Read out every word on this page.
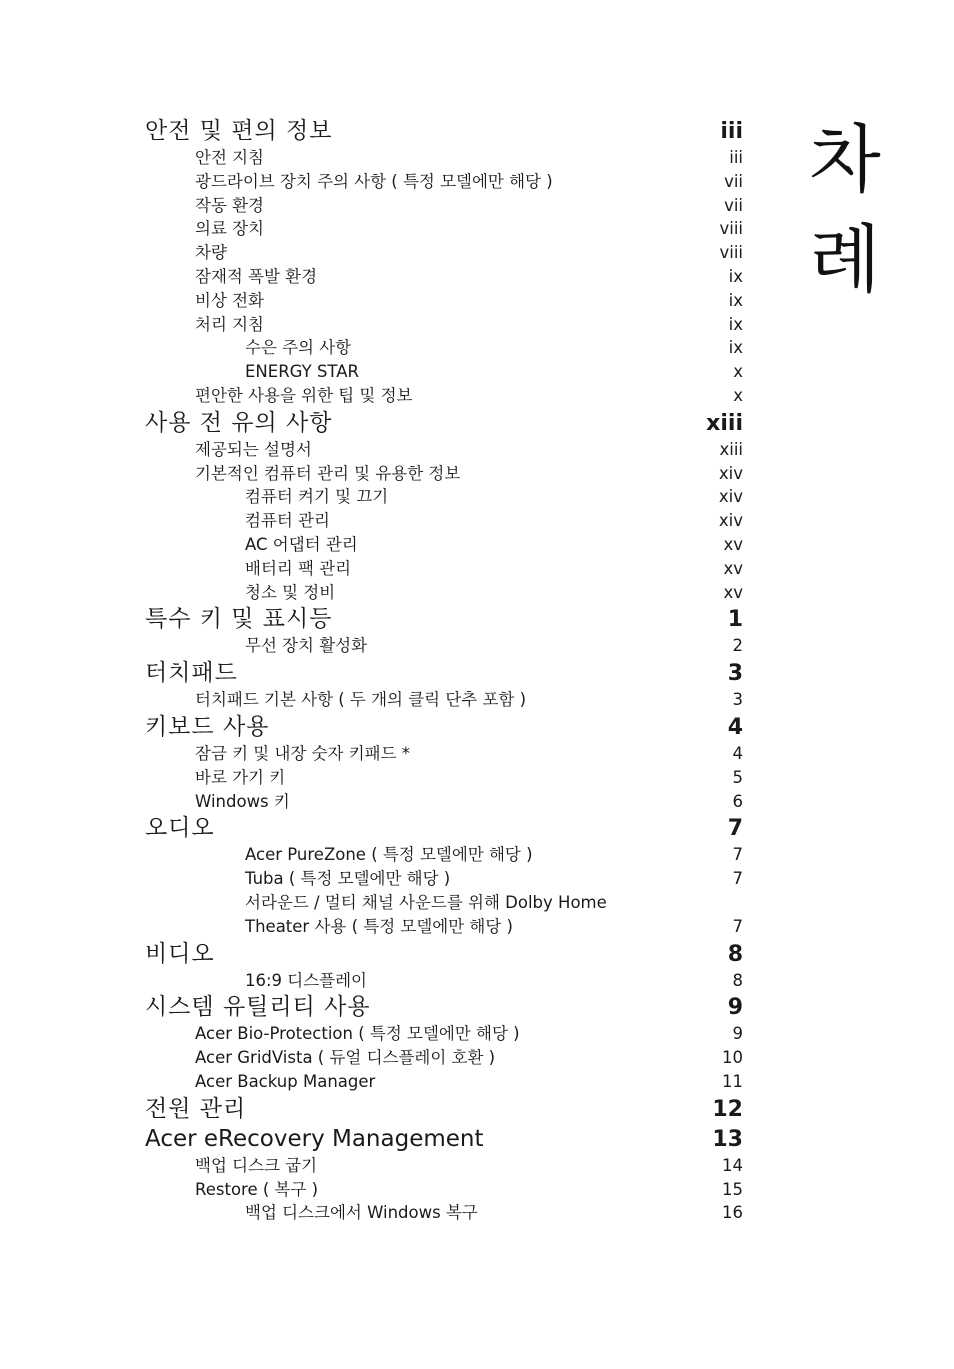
차
례
안전 및 편의 정보	iii
안전 지침	iii
광드라이브 장치 주의 사항 ( 특정 모델에만 해당 )	vii
작동 환경	vii
의료 장치	viii
차량	viii
잠재적 폭발 환경	ix
비상 전화	ix
처리 지침	ix
수은 주의 사항	ix
ENERGY STAR	x
편안한 사용을 위한 팁 및 정보	x
사용 전 유의 사항	xiii
제공되는 설명서	xiii
기본적인 컴퓨터 관리 및 유용한 정보	xiv
컴퓨터 켜기 및 끄기	xiv
컴퓨터 관리	xiv
AC 어댑터 관리	xv
배터리 팩 관리	xv
청소 및 정비	xv
특수 키 및 표시등	1
무선 장치 활성화	2
터치패드	3
터치패드 기본 사항 ( 두 개의 클릭 단추 포함 )	3
키보드 사용	4
잠금 키 및 내장 숫자 키패드 *	4
바로 가기 키	5
Windows 키	6
오디오	7
Acer PureZone ( 특정 모델에만 해당 )	7
Tuba ( 특정 모델에만 해당 )	7
서라운드 / 멀티 채널 사운드를 위해 Dolby Home Theater 사용 ( 특정 모델에만 해당 )	7
비디오	8
16:9 디스플레이	8
시스템 유틸리티 사용	9
Acer Bio-Protection ( 특정 모델에만 해당 )	9
Acer GridVista ( 듀얼 디스플레이 호환 )	10
Acer Backup Manager	11
전원 관리	12
Acer eRecovery Management	13
백업 디스크 굽기	14
Restore ( 복구 )	15
백업 디스크에서 Windows 복구	16
